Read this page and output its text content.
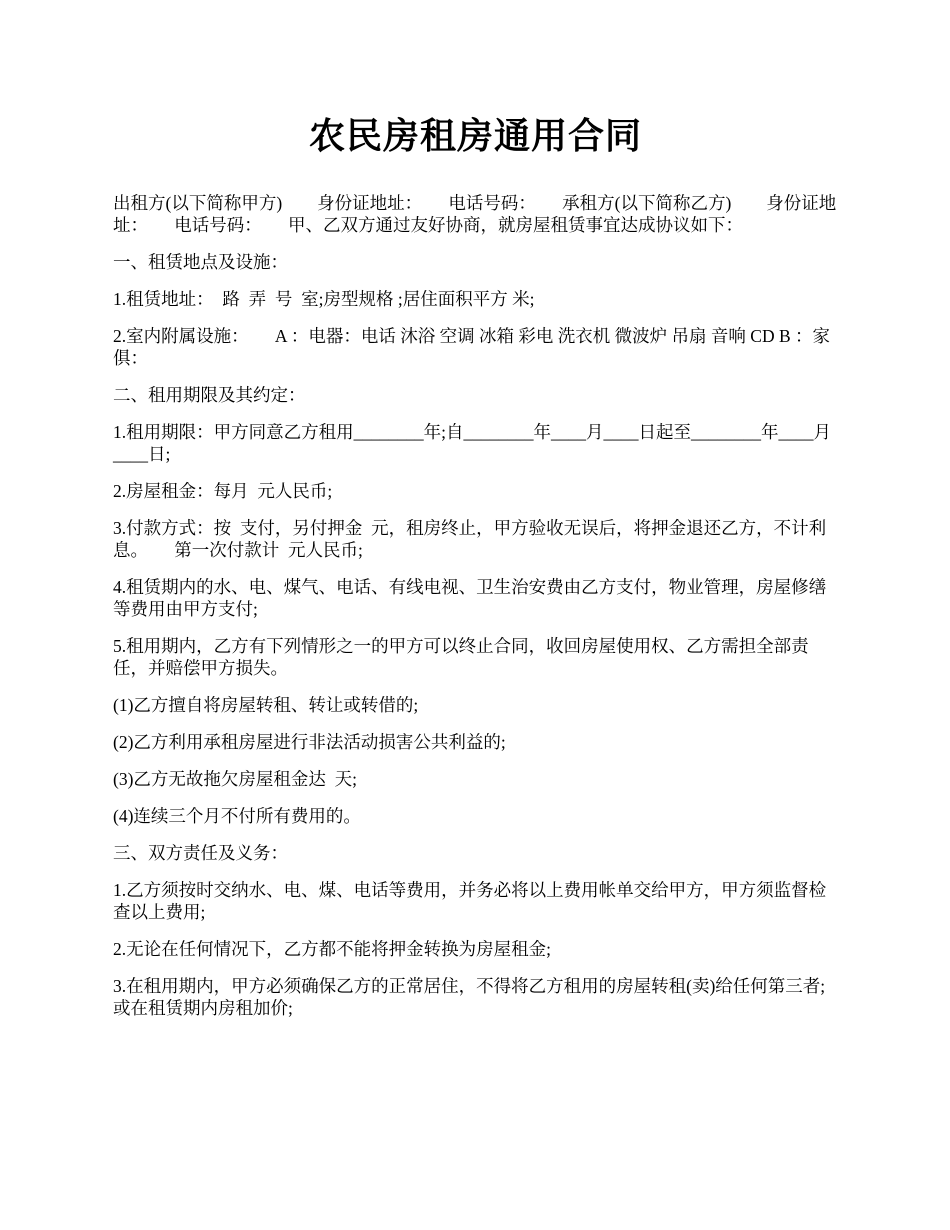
农民房租房通用合同

出租方(以下简称甲方)　　身份证地址：　　电话号码：　　承租方(以下简称乙方)　　身份证地址：　　电话号码：　　甲、乙双方通过友好协商，就房屋租赁事宜达成协议如下：

一、租赁地点及设施：

1.租赁地址：  路  弄  号  室;房型规格 ;居住面积平方 米;

2.室内附属设施：　　A ：电器：电话 沐浴 空调 冰箱 彩电 洗衣机 微波炉 吊扇 音响 CD B ：家俱：

二、租用期限及其约定：

1.租用期限：甲方同意乙方租用________年;自________年____月____日起至________年____月____日;

2.房屋租金：每月  元人民币;

3.付款方式：按  支付，另付押金  元，租房终止，甲方验收无误后，将押金退还乙方，不计利息。　　第一次付款计  元人民币;

4.租赁期内的水、电、煤气、电话、有线电视、卫生治安费由乙方支付，物业管理，房屋修缮等费用由甲方支付;

5.租用期内，乙方有下列情形之一的甲方可以终止合同，收回房屋使用权、乙方需担全部责任，并赔偿甲方损失。

(1)乙方擅自将房屋转租、转让或转借的;

(2)乙方利用承租房屋进行非法活动损害公共利益的;

(3)乙方无故拖欠房屋租金达  天;

(4)连续三个月不付所有费用的。

三、双方责任及义务：

1.乙方须按时交纳水、电、煤、电话等费用，并务必将以上费用帐单交给甲方，甲方须监督检查以上费用;

2.无论在任何情况下，乙方都不能将押金转换为房屋租金;

3.在租用期内，甲方必须确保乙方的正常居住，不得将乙方租用的房屋转租(卖)给任何第三者;或在租赁期内房租加价;
